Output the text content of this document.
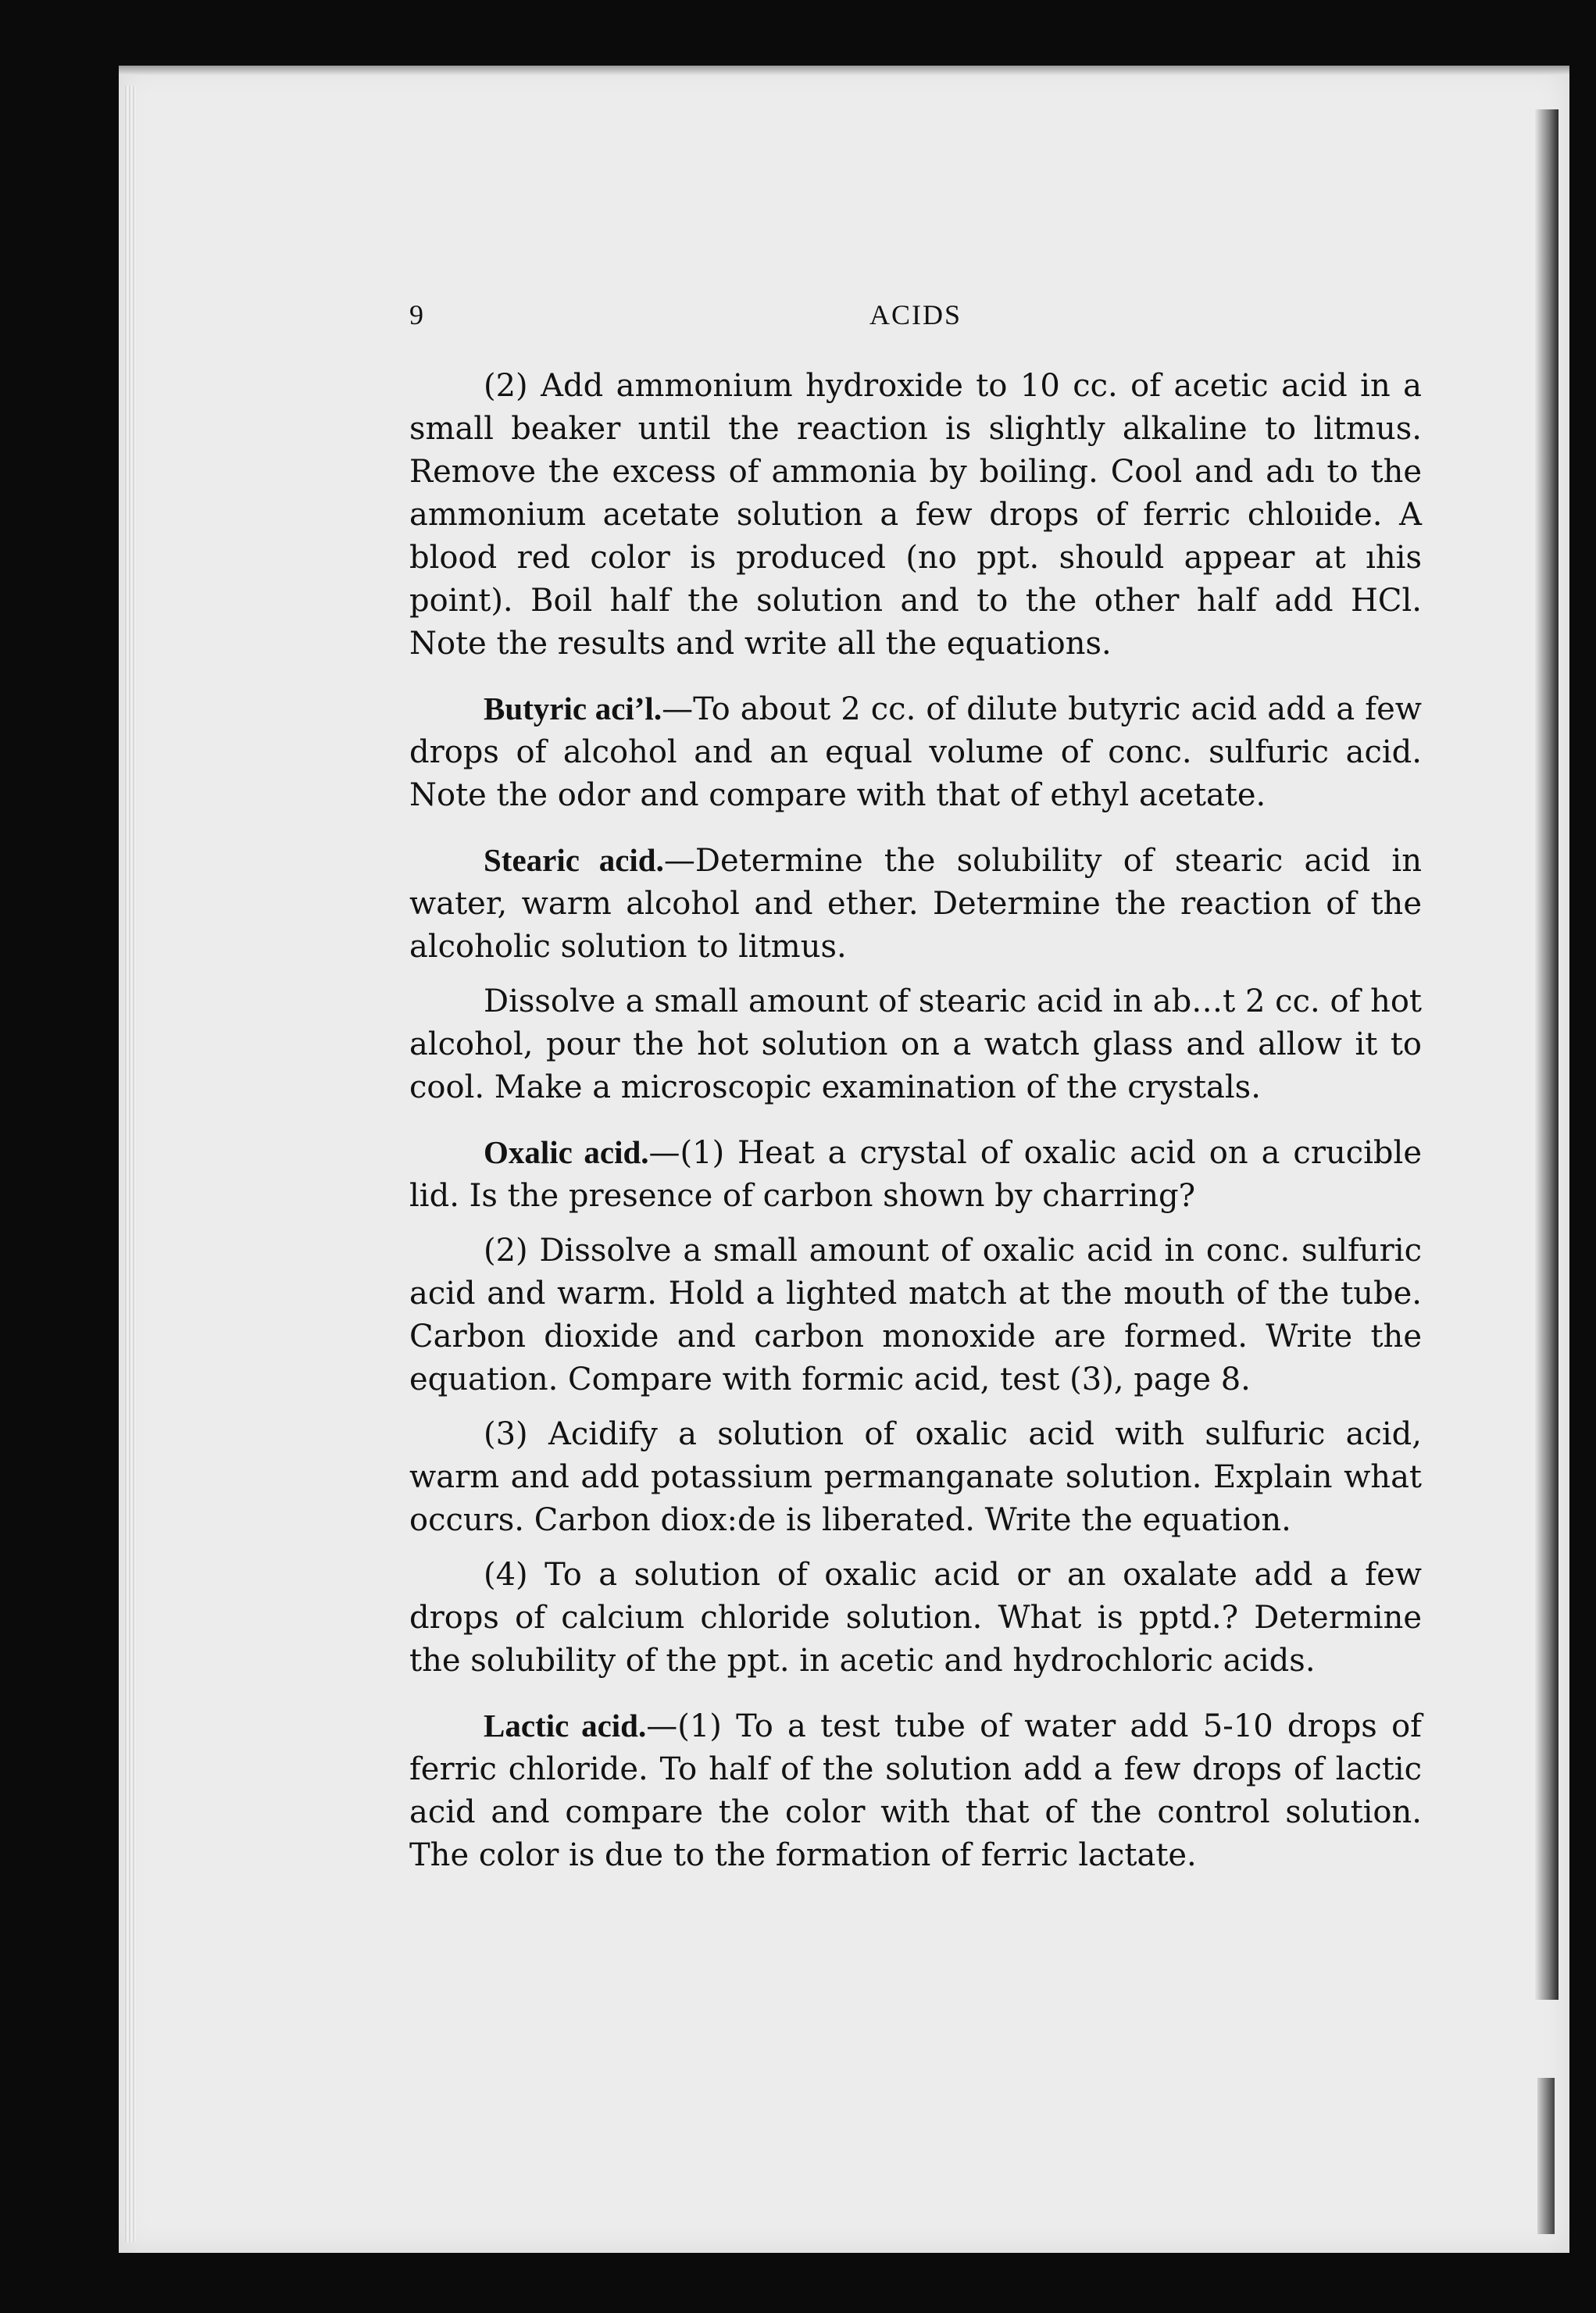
9	ACIDS

(2) Add ammonium hydroxide to 10 cc. of acetic acid in a small beaker until the reaction is slightly alkaline to litmus. Remove the excess of ammonia by boiling. Cool and adı to the ammonium acetate solution a few drops of ferric chloıide. A blood red color is produced (no ppt. should appear at ıhis point). Boil half the solution and to the other half add HCl. Note the results and write all the equations.

Butyric aci’l.—To about 2 cc. of dilute butyric acid add a few drops of alcohol and an equal volume of conc. sulfuric acid. Note the odor and compare with that of ethyl acetate.

Stearic acid.—Determine the solubility of stearic acid in water, warm alcohol and ether. Determine the reaction of the alcoholic solution to litmus.

Dissolve a small amount of stearic acid in ab…t 2 cc. of hot alcohol, pour the hot solution on a watch glass and allow it to cool. Make a microscopic examination of the crystals.

Oxalic acid.—(1) Heat a crystal of oxalic acid on a crucible lid. Is the presence of carbon shown by charring?

(2) Dissolve a small amount of oxalic acid in conc. sulfuric acid and warm. Hold a lighted match at the mouth of the tube. Carbon dioxide and carbon monoxide are formed. Write the equation. Compare with formic acid, test (3), page 8.

(3) Acidify a solution of oxalic acid with sulfuric acid, warm and add potassium permanganate solution. Explain what occurs. Carbon diox:de is liberated. Write the equation.

(4) To a solution of oxalic acid or an oxalate add a few drops of calcium chloride solution. What is pptd.? Determine the solubility of the ppt. in acetic and hydrochloric acids.

Lactic acid.—(1) To a test tube of water add 5-10 drops of ferric chloride. To half of the solution add a few drops of lactic acid and compare the color with that of the control solution. The color is due to the formation of ferric lactate.
